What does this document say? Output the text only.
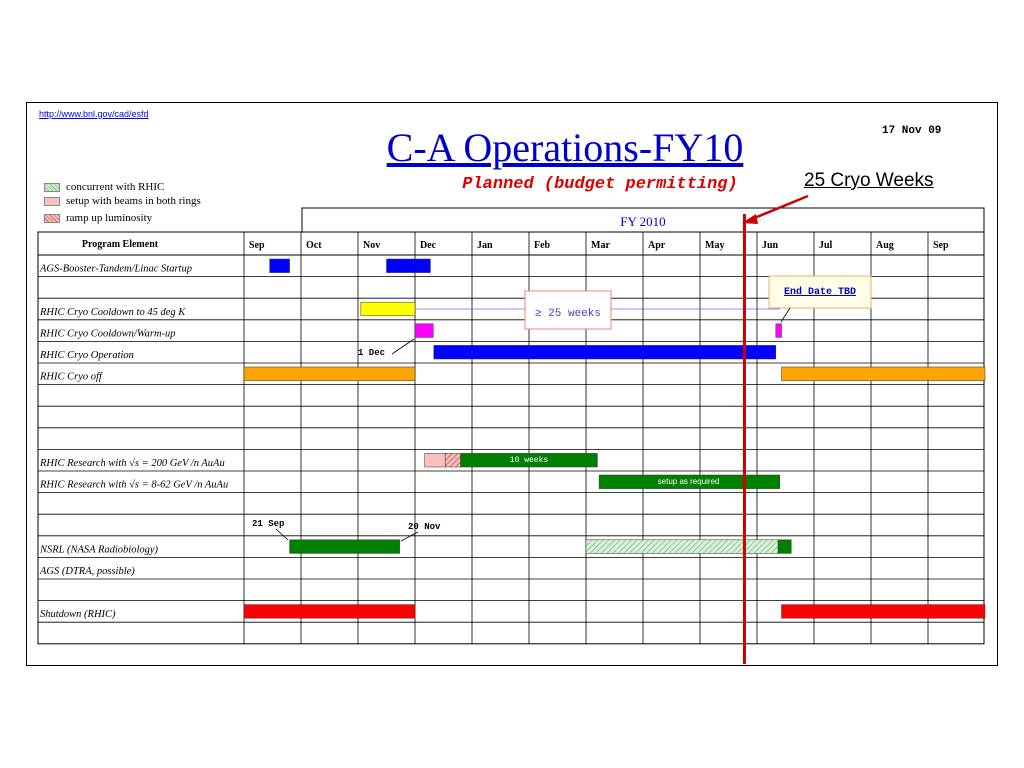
http://www.bnl.gov/cad/esfd
C-A Operations-FY10
Planned (budget permitting)
17 Nov 09
25 Cryo Weeks
concurrent with RHIC
setup with beams in both rings
ramp up luminosity	FY 2010
Program Element	Sep	Oct	Nov	Dec	Jan	Feb	Mar	Apr	May	Jun	Jul	Aug	Sep
AGS-Booster-Tandem/Linac Startup
RHIC Cryo Cooldown to 45 deg K
RHIC Cryo Cooldown/Warm-up
RHIC Cryo Operation
RHIC Cryo off
RHIC Research with √s = 200 GeV /n AuAu
RHIC Research with √s = 8-62 GeV /n AuAu
NSRL (NASA Radiobiology)
AGS (DTRA, possible)
Shutdown (RHIC)
10 weeks
setup as required
≥ 25 weeks
End Date TBD
1 Dec
21 Sep	20 Nov
